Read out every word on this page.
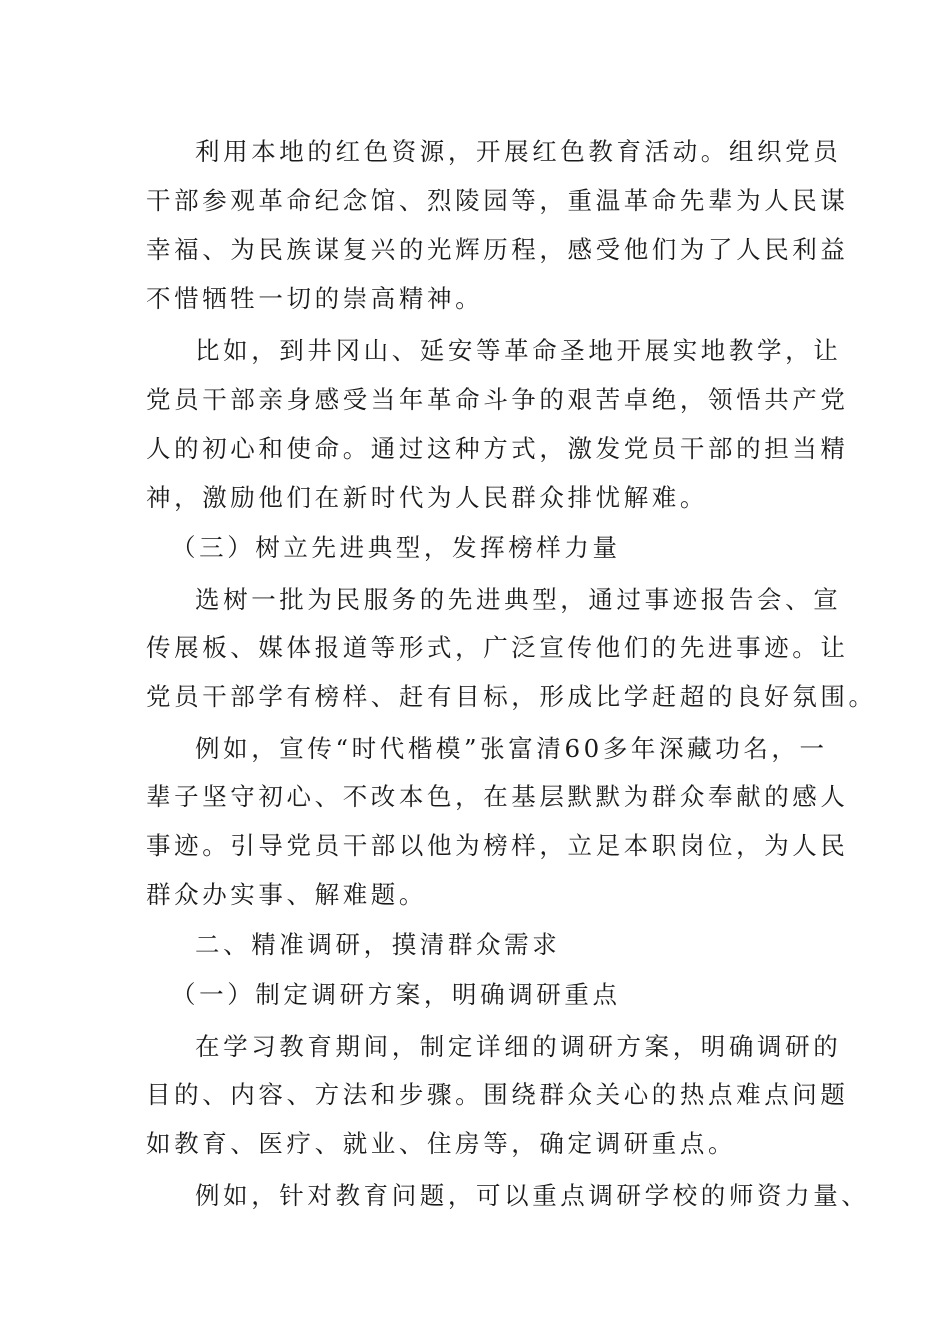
利用本地的红色资源，开展红色教育活动。组织党员
干部参观革命纪念馆、烈陵园等，重温革命先辈为人民谋
幸福、为民族谋复兴的光辉历程，感受他们为了人民利益
不惜牺牲一切的崇高精神。
比如，到井冈山、延安等革命圣地开展实地教学，让
党员干部亲身感受当年革命斗争的艰苦卓绝，领悟共产党
人的初心和使命。通过这种方式，激发党员干部的担当精
神，激励他们在新时代为人民群众排忧解难。
（三）树立先进典型，发挥榜样力量
选树一批为民服务的先进典型，通过事迹报告会、宣
传展板、媒体报道等形式，广泛宣传他们的先进事迹。让
党员干部学有榜样、赶有目标，形成比学赶超的良好氛围。
例如，宣传“时代楷模”张富清60多年深藏功名，一
辈子坚守初心、不改本色，在基层默默为群众奉献的感人
事迹。引导党员干部以他为榜样，立足本职岗位，为人民
群众办实事、解难题。
二、精准调研，摸清群众需求
（一）制定调研方案，明确调研重点
在学习教育期间，制定详细的调研方案，明确调研的
目的、内容、方法和步骤。围绕群众关心的热点难点问题
如教育、医疗、就业、住房等，确定调研重点。
例如，针对教育问题，可以重点调研学校的师资力量、
